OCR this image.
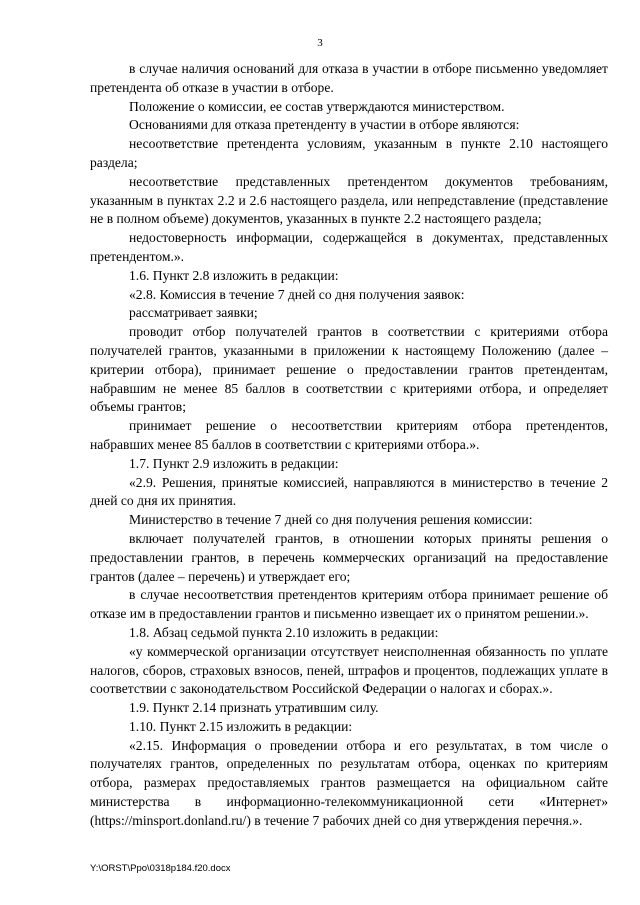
3

в случае наличия оснований для отказа в участии в отборе письменно уведомляет претендента об отказе в участии в отборе.

Положение о комиссии, ее состав утверждаются министерством.

Основаниями для отказа претенденту в участии в отборе являются:

несоответствие претендента условиям, указанным в пункте 2.10 настоящего раздела;

несоответствие представленных претендентом документов требованиям, указанным в пунктах 2.2 и 2.6 настоящего раздела, или непредставление (представление не в полном объеме) документов, указанных в пункте 2.2 настоящего раздела;

недостоверность информации, содержащейся в документах, представленных претендентом.».

1.6. Пункт 2.8 изложить в редакции:

«2.8. Комиссия в течение 7 дней со дня получения заявок:

рассматривает заявки;

проводит отбор получателей грантов в соответствии с критериями отбора получателей грантов, указанными в приложении к настоящему Положению (далее – критерии отбора), принимает решение о предоставлении грантов претендентам, набравшим не менее 85 баллов в соответствии с критериями отбора, и определяет объемы грантов;

принимает решение о несоответствии критериям отбора претендентов, набравших менее 85 баллов в соответствии с критериями отбора.».

1.7. Пункт 2.9 изложить в редакции:

«2.9. Решения, принятые комиссией, направляются в министерство в течение 2 дней со дня их принятия.

Министерство в течение 7 дней со дня получения решения комиссии:

включает получателей грантов, в отношении которых приняты решения о предоставлении грантов, в перечень коммерческих организаций на предоставление грантов (далее – перечень) и утверждает его;

в случае несоответствия претендентов критериям отбора принимает решение об отказе им в предоставлении грантов и письменно извещает их о принятом решении.».

1.8. Абзац седьмой пункта 2.10 изложить в редакции:

«у коммерческой организации отсутствует неисполненная обязанность по уплате налогов, сборов, страховых взносов, пеней, штрафов и процентов, подлежащих уплате в соответствии с законодательством Российской Федерации о налогах и сборах.».

1.9. Пункт 2.14 признать утратившим силу.

1.10. Пункт 2.15 изложить в редакции:

«2.15. Информация о проведении отбора и его результатах, в том числе о получателях грантов, определенных по результатам отбора, оценках по критериям отбора, размерах предоставляемых грантов размещается на официальном сайте министерства в информационно-телекоммуникационной сети «Интернет» (https://minsport.donland.ru/) в течение 7 рабочих дней со дня утверждения перечня.».

Y:\ORST\Ppo\0318p184.f20.docx
